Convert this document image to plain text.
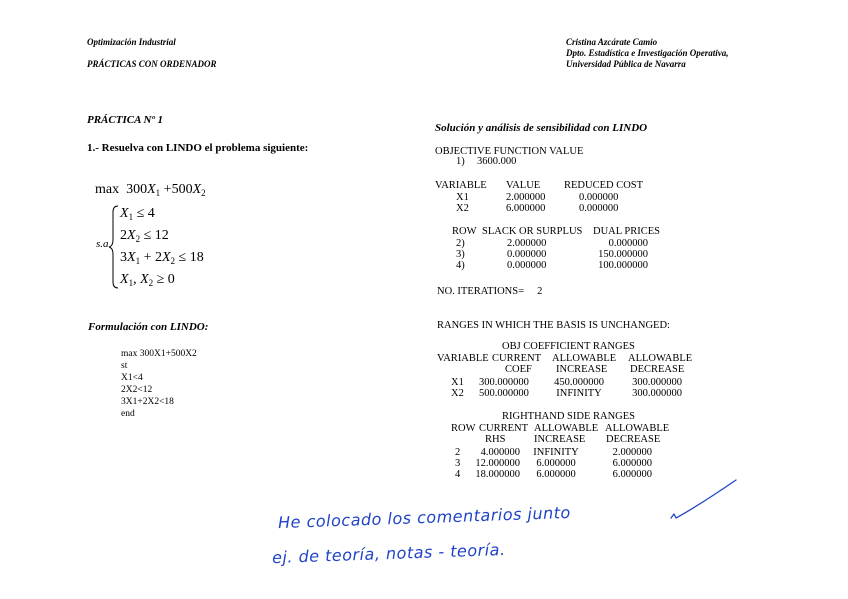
Optimización Industrial
PRÁCTICAS CON ORDENADOR
Cristina Azcárate Camio
Dpto. Estadística e Investigación Operativa,
Universidad Pública de Navarra
PRÁCTICA Nº 1
1.- Resuelva con LINDO el problema siguiente:
$\max 300X_1 +500X_2$
s.a
$X_1 \le 4$
$2X_2 \le 12$
$3X_1 + 2X_2 \le 18$
$X_1$, $X_2 \ge 0$
Formulación con LINDO:
max 300X1+500X2
st
X1<4
2X2<12
3X1+2X2<18
end
Solución y análisis de sensibilidad con LINDO
OBJECTIVE FUNCTION VALUE
1) 3600.000
VARIABLE VALUE REDUCED COST
X1	2.000000	0.000000
X2	6.000000	0.000000
ROW SLACK OR SURPLUS DUAL PRICES
2)	2.000000	0.000000
3)	0.000000	150.000000
4)	0.000000	100.000000
NO. ITERATIONS=     2
RANGES IN WHICH THE BASIS IS UNCHANGED:
OBJ COEFFICIENT RANGES
VARIABLE CURRENT ALLOWABLE ALLOWABLE
COEF INCREASE DECREASE
X1 300.000000	450.000000	300.000000
X2 500.000000	INFINITY	300.000000
RIGHTHAND SIDE RANGES
ROW CURRENT ALLOWABLE ALLOWABLE
RHS	INCREASE DECREASE
2	4.000000	INFINITY	2.000000
3	12.000000	6.000000	6.000000
4	18.000000	6.000000	6.000000
He colocado los comentarios junto
ej. de teoría, notas - teoría.
